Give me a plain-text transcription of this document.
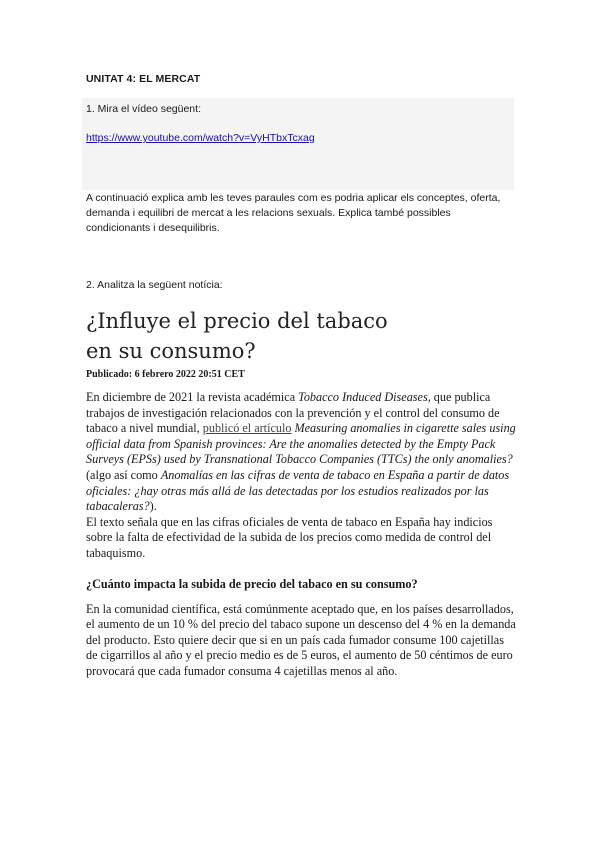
UNITAT 4: EL MERCAT
1. Mira el vídeo següent:
https://www.youtube.com/watch?v=VyHTbxTcxag
A continuació explica amb les teves paraules com es podria aplicar els conceptes, oferta, demanda i equilibri de mercat a les relacions sexuals. Explica també possibles condicionants i desequilibris.
2. Analitza la següent notícia:
¿Influye el precio del tabaco en su consumo?
Publicado: 6 febrero 2022 20:51 CET

En diciembre de 2021 la revista académica Tobacco Induced Diseases, que publica trabajos de investigación relacionados con la prevención y el control del consumo de tabaco a nivel mundial, publicó el artículo Measuring anomalies in cigarette sales using official data from Spanish provinces: Are the anomalies detected by the Empty Pack Surveys (EPSs) used by Transnational Tobacco Companies (TTCs) the only anomalies? (algo así como Anomalías en las cifras de venta de tabaco en España a partir de datos oficiales: ¿hay otras más allá de las detectadas por los estudios realizados por las tabacaleras?).

El texto señala que en las cifras oficiales de venta de tabaco en España hay indicios sobre la falta de efectividad de la subida de los precios como medida de control del tabaquismo.

¿Cuánto impacta la subida de precio del tabaco en su consumo?

En la comunidad científica, está comúnmente aceptado que, en los países desarrollados, el aumento de un 10 % del precio del tabaco supone un descenso del 4 % en la demanda del producto. Esto quiere decir que si en un país cada fumador consume 100 cajetillas de cigarrillos al año y el precio medio es de 5 euros, el aumento de 50 céntimos de euro provocará que cada fumador consuma 4 cajetillas menos al año.
